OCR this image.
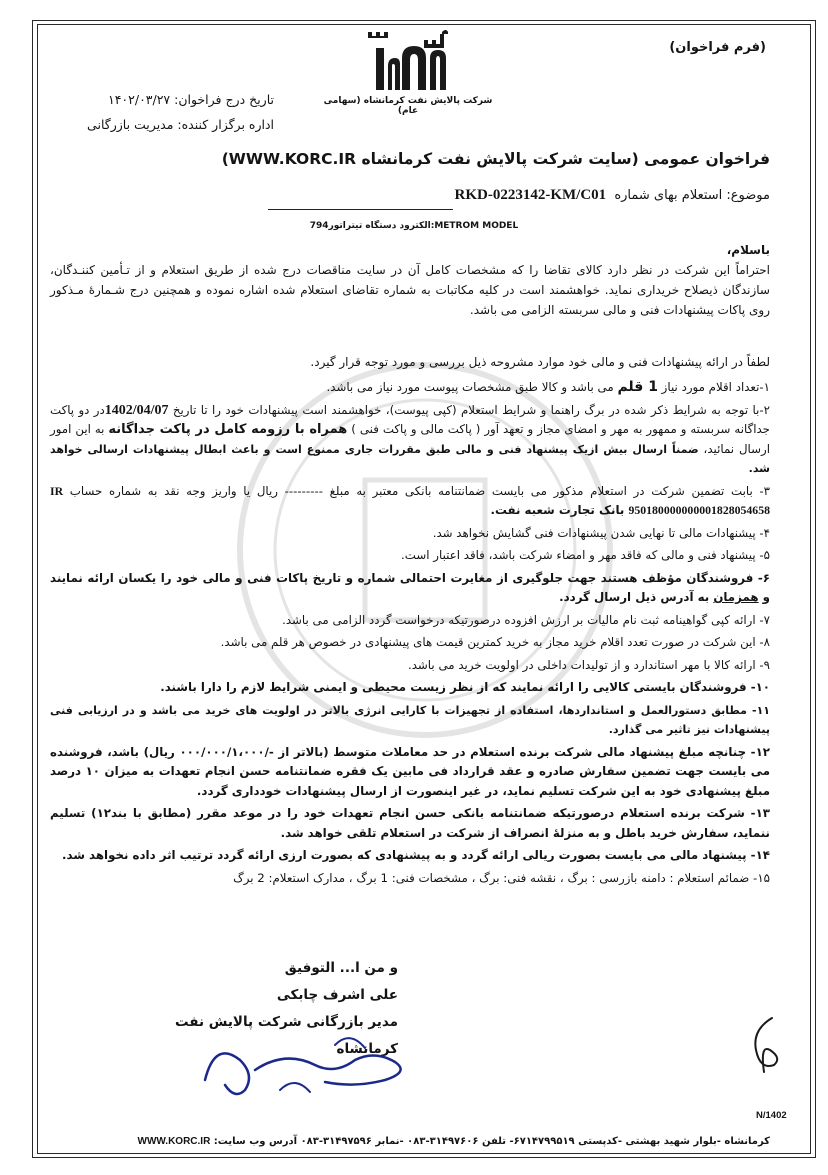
(فرم فراخوان)
شرکت پالایش نفت کرمانشاه (سهامی عام)
تاریخ درج فراخوان: ۱۴۰۲/۰۳/۲۷
اداره برگزار کننده: مدیریت بازرگانی
فراخوان عمومی (سایت شرکت پالایش نفت کرمانشاه WWW.KORC.IR)
موضوع: استعلام بهای شماره RKD-0223142-KM/C01
الکترود دستگاه تیتراتور794:METROM MODEL
باسلام،

احتراماً این شرکت در نظر دارد کالای تقاضا را که مشخصات کامل آن در سایت مناقصات درج شده از طریق استعلام و از تـأمین کننـدگان، سازندگان ذیصلاح خریداری نماید. خواهشمند است در کلیه مکاتبات به شماره تقاضای استعلام شده اشاره نموده و همچنین درج شـمارۀ مـذکور روی پاکات پیشنهادات فنی و مالی سربسته الزامی می باشد.

لطفاً در ارائه پیشنهادات فنی و مالی خود موارد مشروحه ذیل بررسی و مورد توجه قرار گیرد.

۱-تعداد اقلام مورد نیاز 1 قلم می باشد و کالا طبق مشخصات پیوست مورد نیاز می باشد.

۲-با توجه به شرایط ذکر شده در برگ راهنما و شرایط استعلام (کپی پیوست)، خواهشمند است پیشنهادات خود را تا تاریخ 1402/04/07در دو پاکت جداگانه سربسته و ممهور به مهر و امضای مجاز و تعهد آور ( پاکت مالی و پاکت فنی ) همراه با رزومه کامل در پاکت جداگانه به این امور ارسال نمائید، ضمناً ارسال بیش ازیک پیشنهاد فنی و مالی طبق مقررات جاری ممنوع است و باعث ابطال پیشنهادات ارسالی خواهد شد.

۳- بابت تضمین شرکت در استعلام مذکور می بایست ضمانتنامه بانکی معتبر به مبلغ --------- ریال یا واریز وجه نقد به شماره حساب IR 950180000000001828054658 بانک تجارت شعبه نفت.

۴- پیشنهادات مالی تا نهایی شدن پیشنهادات فنی گشایش نخواهد شد.

۵- پیشنهاد فنی و مالی که فاقد مهر و امضاء شرکت باشد، فاقد اعتبار است.

۶- فروشندگان مؤظف هستند جهت جلوگیری از مغایرت احتمالی شماره و تاریخ پاکات فنی و مالی خود را یکسان ارائه نمایند و همزمان به آدرس ذیل ارسال گردد.

۷- ارائه کپی گواهینامه ثبت نام مالیات بر ارزش افزوده درصورتیکه درخواست گردد الزامی می باشد.

۸- این شرکت در صورت تعدد اقلام خرید مجاز به خرید کمترین قیمت های پیشنهادی در خصوص هر قلم می باشد.

۹- ارائه کالا با مهر استاندارد و از تولیدات داخلی در اولویت خرید می باشد.

۱۰- فروشندگان بایستی کالایی را ارائه نمایند که از نظر زیست محیطی و ایمنی شرایط لازم را دارا باشند.

۱۱- مطابق دستورالعمل و استانداردها، استفاده از تجهیزات با کارایی انرژی بالاتر در اولویت های خرید می باشد و در ارزیابی فنی پیشنهادات نیز تاثیر می گذارد.

۱۲- چنانچه مبلغ پیشنهاد مالی شرکت برنده استعلام در حد معاملات متوسط (بالاتر از -/۰۰۰/۰۰۰/۱،۰۰۰ ریال) باشد، فروشنده می بایست جهت تضمین سفارش صادره و عقد قرارداد فی مابین یک فقره ضمانتنامه حسن انجام تعهدات به میزان ۱۰ درصد مبلغ پیشنهادی خود به این شرکت تسلیم نماید، در غیر اینصورت از ارسال پیشنهادات خودداری گردد.

۱۳- شرکت برنده استعلام درصورتیکه ضمانتنامه بانکی حسن انجام تعهدات خود را در موعد مقرر (مطابق با بند۱۲) تسلیم ننماید، سفارش خرید باطل و به منزلهٔ انصراف از شرکت در استعلام تلقی خواهد شد.

۱۴- پیشنهاد مالی می بایست بصورت ریالی ارائه گردد و به پیشنهادی که بصورت ارزی ارائه گردد ترتیب اثر داده نخواهد شد.

۱۵- ضمائم استعلام : دامنه بازرسی : برگ ، نقشه فنی: برگ ، مشخصات فنی: 1 برگ ، مدارک استعلام: 2 برگ

و من ا... التوفیق

علی اشرف چابکی

مدیر بازرگانی شرکت پالایش نفت کرمانشاه

N/1402
کرمانشاه -بلوار شهید بهشتی -کدپستی ۶۷۱۴۷۹۹۵۱۹- تلفن ۳۱۴۹۷۶۰۶-۰۸۳ -نمابر ۳۱۴۹۷۵۹۶-۰۸۳ آدرس وب سایت: WWW.KORC.IR
